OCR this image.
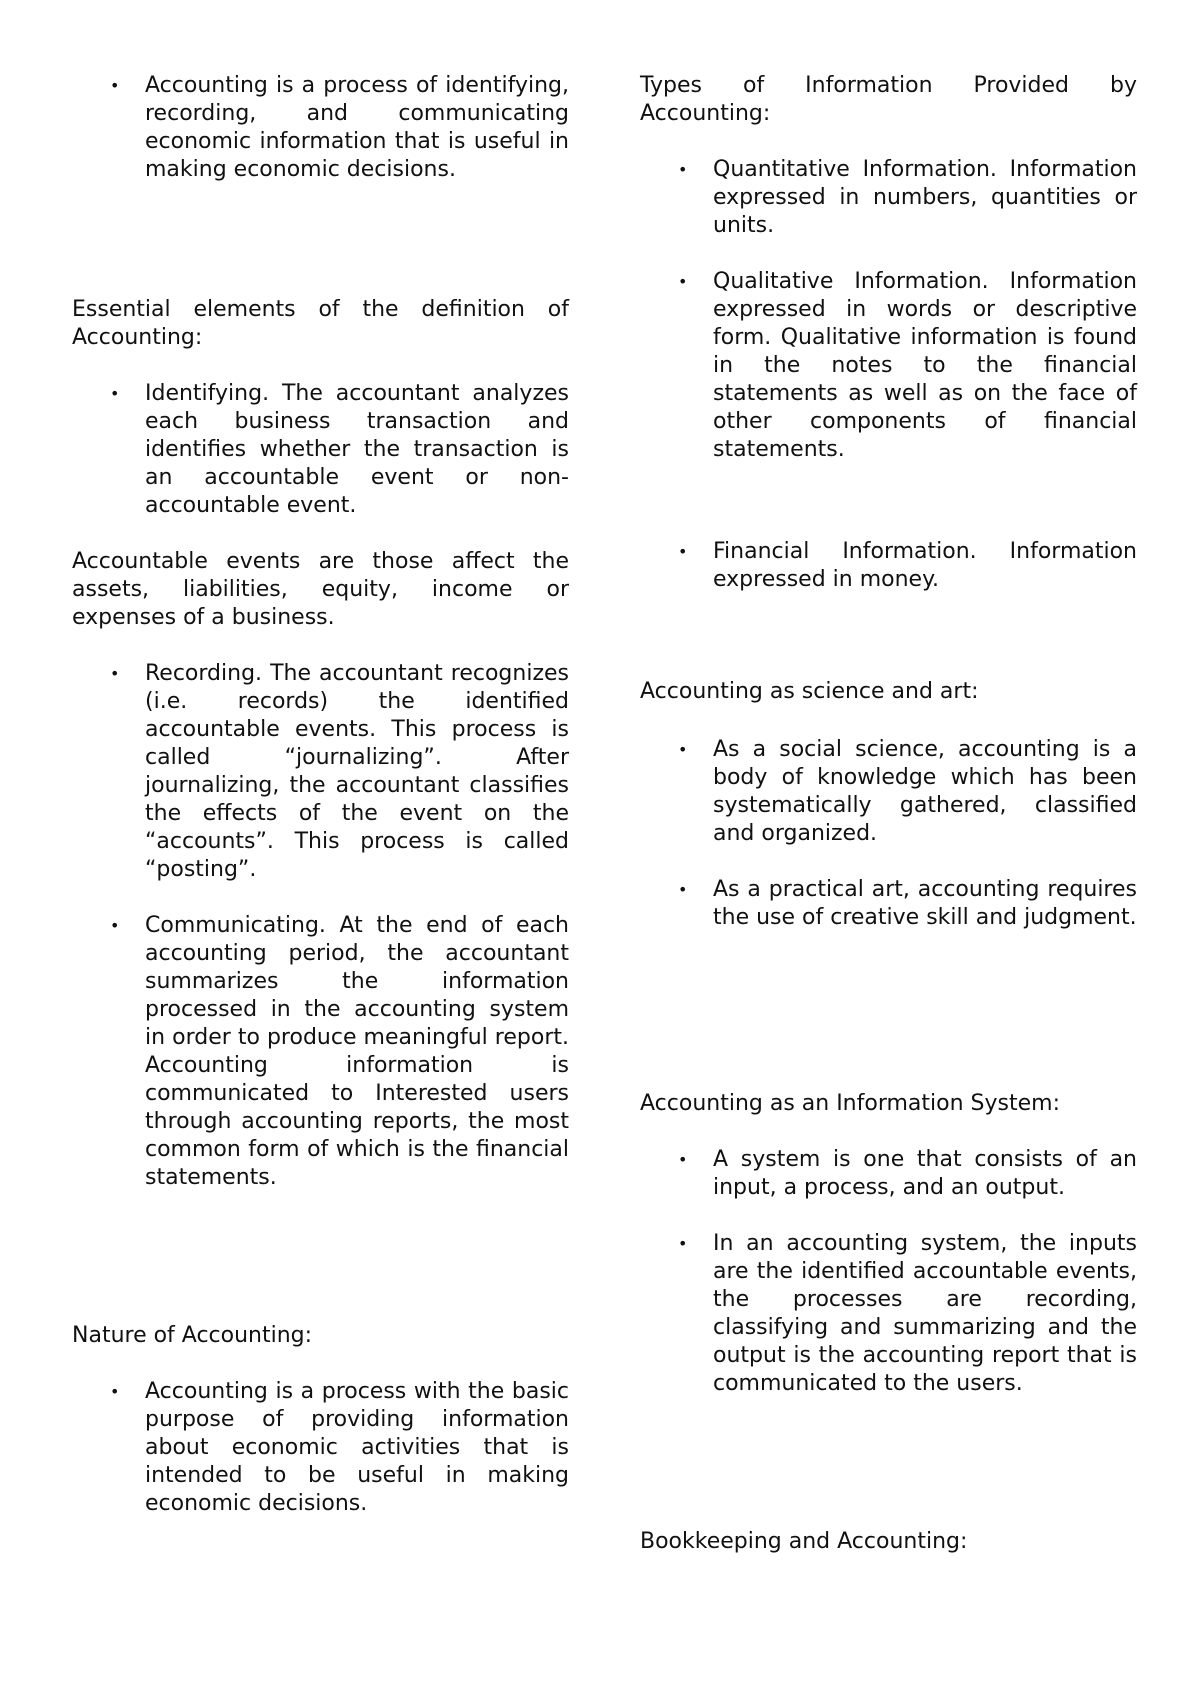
• Accounting is a process of identifying, recording, and communicating economic information that is useful in making economic decisions.

Essential elements of the definition of Accounting:

• Identifying. The accountant analyzes each business transaction and identifies whether the transaction is an accountable event or non-accountable event.

Accountable events are those affect the assets, liabilities, equity, income or expenses of a business.

• Recording. The accountant recognizes (i.e. records) the identified accountable events. This process is called “journalizing”. After journalizing, the accountant classifies the effects of the event on the “accounts”. This process is called “posting”.

• Communicating. At the end of each accounting period, the accountant summarizes the information processed in the accounting system in order to produce meaningful report. Accounting information is communicated to Interested users through accounting reports, the most common form of which is the financial statements.

Nature of Accounting:

• Accounting is a process with the basic purpose of providing information about economic activities that is intended to be useful in making economic decisions.

Types of Information Provided by Accounting:

• Quantitative Information. Information expressed in numbers, quantities or units.

• Qualitative Information. Information expressed in words or descriptive form. Qualitative information is found in the notes to the financial statements as well as on the face of other components of financial statements.

• Financial Information. Information expressed in money.

Accounting as science and art:

• As a social science, accounting is a body of knowledge which has been systematically gathered, classified and organized.

• As a practical art, accounting requires the use of creative skill and judgment.

Accounting as an Information System:

• A system is one that consists of an input, a process, and an output.

• In an accounting system, the inputs are the identified accountable events, the processes are recording, classifying and summarizing and the output is the accounting report that is communicated to the users.

Bookkeeping and Accounting:
